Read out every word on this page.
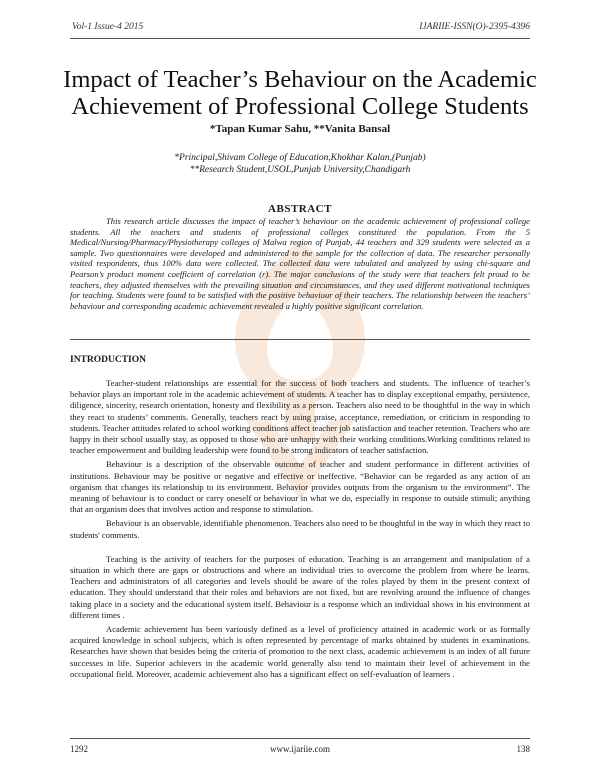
Vol-1 Issue-4 2015	IJARIIE-ISSN(O)-2395-4396
Impact of Teacher’s Behaviour on the Academic
Achievement of Professional College Students
*Tapan Kumar Sahu, **Vanita Bansal
*Principal,Shivam College of Education,Khokhar Kalan,(Punjab)
**Research Student,USOL,Punjab University,Chandigarh
ABSTRACT

This research article discusses the impact of teacher’s behaviour on the academic achievement of professional college students. All the teachers and students of professional colleges constituted the population. From the 5 Medical/Nursing/Pharmacy/Physiotherapy colleges of Malwa region of Punjab, 44 teachers and 329 students were selected as a sample. Two questionnaires were developed and administered to the sample for the collection of data. The researcher personally visited respondents, thus 100% data were collected. The collected data were tabulated and analyzed by using chi-square and Pearson’s product moment coefficient of correlation (r). The major conclusions of the study were that teachers felt proud to be teachers, they adjusted themselves with the prevailing situation and circumstances, and they used different motivational techniques for teaching. Students were found to be satisfied with the positive behaviour of their teachers. The relationship between the teachers’ behaviour and corresponding academic achievement revealed a highly positive significant correlation.

INTRODUCTION

Teacher-student relationships are essential for the success of both teachers and students. The influence of teacher’s behavior plays an important role in the academic achievement of students. A teacher has to display exceptional empathy, persistence, diligence, sincerity, research orientation, honesty and flexibility as a person. Teachers also need to be thoughtful in the way in which they react to students’ comments. Generally, teachers react by using praise, acceptance, remediation, or criticism in responding to students. Teacher attitudes related to school working conditions affect teacher job satisfaction and teacher retention. Teachers who are happy in their school usually stay, as opposed to those who are unhappy with their working conditions.Working conditions related to teacher empowerment and building leadership were found to be strong indicators of teacher satisfaction.

Behaviour is a description of the observable outcome of teacher and student performance in different activities of institutions. Behaviour may be positive or negative and effective or ineffective. “Behavior can be regarded as any action of an organism that changes its relationship to its environment. Behavior provides outputs from the organism to the environment”. The meaning of behaviour is to conduct or carry oneself or behaviour in what we do, especially in response to outside stimuli; anything that an organism does that involves action and response to stimulation.

Behaviour is an observable, identifiable phenomenon. Teachers also need to be thoughtful in the way in which they react to students' comments.

Teaching is the activity of teachers for the purposes of education. Teaching is an arrangement and manipulation of a situation in which there are gaps or obstructions and where an individual tries to overcome the problem from where he learns. Teachers and administrators of all categories and levels should be aware of the roles played by them in the present context of education. They should understand that their roles and behaviors are not fixed, but are revolving around the influence of changes taking place in a society and the educational system itself. Behaviour is a response which an individual shows in his environment at different times .

Academic achievement has been variously defined as a level of proficiency attained in academic work or as formally acquired knowledge in school subjects, which is often represented by percentage of marks obtained by students in examinations. Researches have shown that besides being the criteria of promotion to the next class, academic achievement is an index of all future successes in life. Superior achievers in the academic world generally also tend to maintain their level of achievement in the occupational field. Moreover, academic achievement also has a significant effect on self-evaluation of learners .

1292	www.ijariie.com	138
